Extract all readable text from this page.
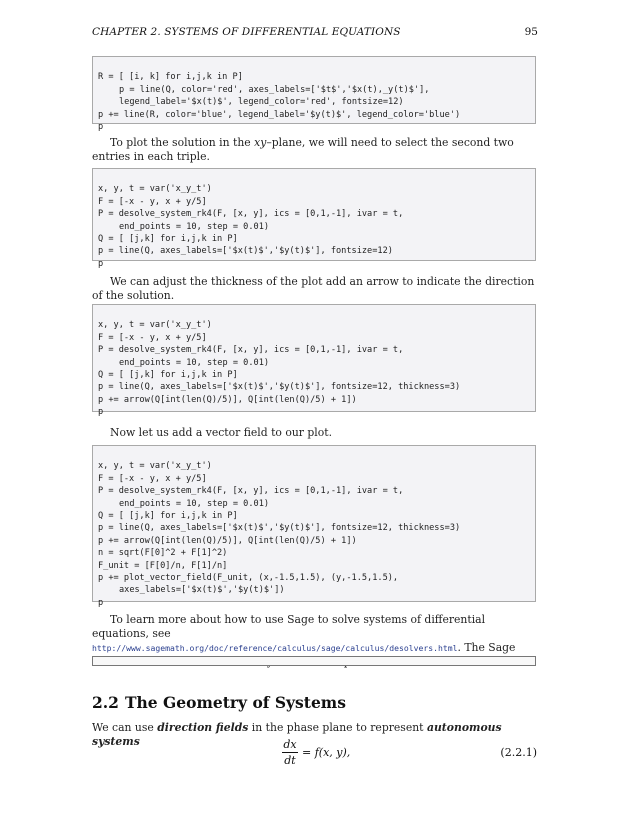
CHAPTER 2. SYSTEMS OF DIFFERENTIAL EQUATIONS	95

R = [ [i, k] for i,j,k in P]
p = line(Q, color='red', axes_labels=['$t$','$x(t),_y(t)$'],
legend_label='$x(t)$', legend_color='red', fontsize=12)
p += line(R, color='blue', legend_label='$y(t)$', legend_color='blue')
p

To plot the solution in the xy–plane, we will need to select the second two entries in each triple.

x, y, t = var('x_y_t')
F = [-x - y, x + y/5]
P = desolve_system_rk4(F, [x, y], ics = [0,1,-1], ivar = t,
end_points = 10, step = 0.01)
Q = [ [j,k] for i,j,k in P]
p = line(Q, axes_labels=['$x(t)$','$y(t)$'], fontsize=12)
p

We can adjust the thickness of the plot add an arrow to indicate the direction of the solution.

x, y, t = var('x_y_t')
F = [-x - y, x + y/5]
P = desolve_system_rk4(F, [x, y], ics = [0,1,-1], ivar = t,
end_points = 10, step = 0.01)
Q = [ [j,k] for i,j,k in P]
p = line(Q, axes_labels=['$x(t)$','$y(t)$'], fontsize=12, thickness=3)
p += arrow(Q[int(len(Q)/5)], Q[int(len(Q)/5) + 1])
p

Now let us add a vector field to our plot.

x, y, t = var('x_y_t')
F = [-x - y, x + y/5]
P = desolve_system_rk4(F, [x, y], ics = [0,1,-1], ivar = t,
end_points = 10, step = 0.01)
Q = [ [j,k] for i,j,k in P]
p = line(Q, axes_labels=['$x(t)$','$y(t)$'], fontsize=12, thickness=3)
p += arrow(Q[int(len(Q)/5)], Q[int(len(Q)/5) + 1])
n = sqrt(F[0]^2 + F[1]^2)
F_unit = [F[0]/n, F[1]/n]
p += plot_vector_field(F_unit, (x,-1.5,1.5), (y,-1.5,1.5),
axes_labels=['$x(t)$','$y(t)$'])
p

To learn more about how to use Sage to solve systems of differential equations, see
http://www.sagemath.org/doc/reference/calculus/sage/calculus/desolvers.html. The Sage
2.2 The Geometry of Systems
We can use direction fields in the phase plane to represent autonomous systems	dx
dt
= f(x, y),	(2.2.1)
